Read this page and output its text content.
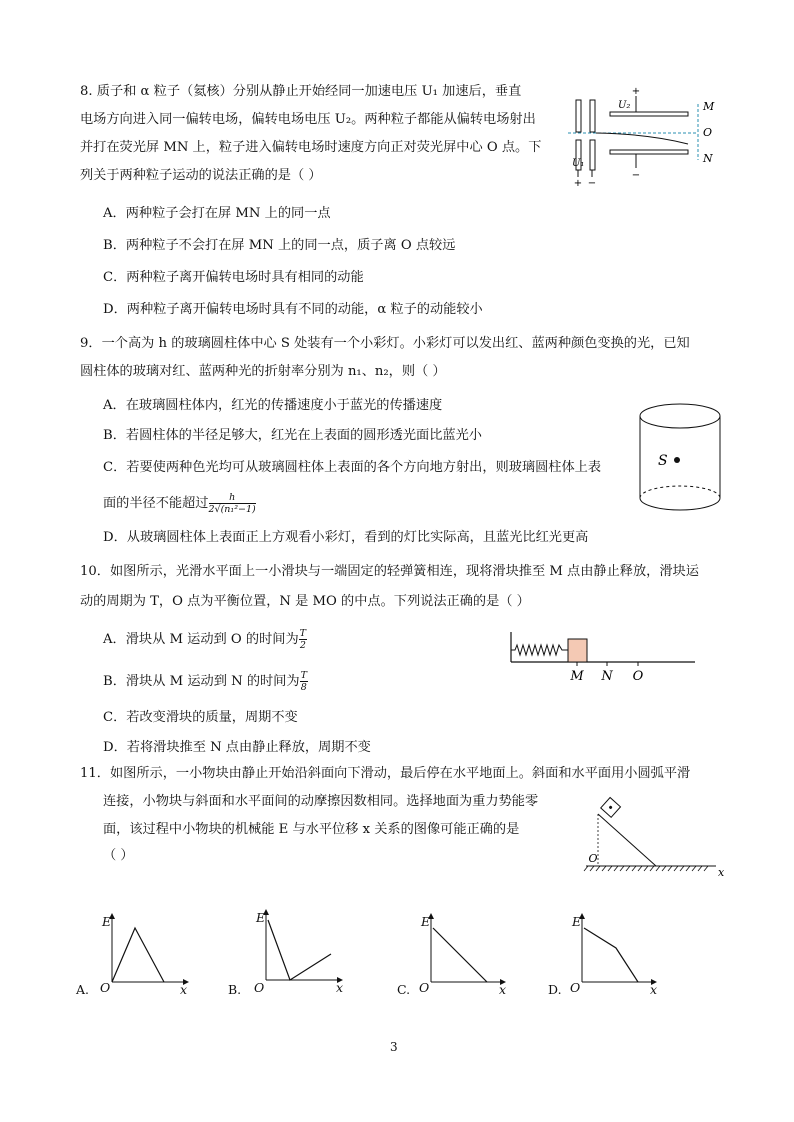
8. 质子和 α 粒子（氦核）分别从静止开始经同一加速电压 U₁ 加速后，垂直
电场方向进入同一偏转电场，偏转电场电压 U₂。两种粒子都能从偏转电场射出
并打在荧光屏 MN 上，粒子进入偏转电场时速度方向正对荧光屏中心 O 点。下
列关于两种粒子运动的说法正确的是（ ）
A．两种粒子会打在屏 MN 上的同一点
B．两种粒子不会打在屏 MN 上的同一点，质子离 O 点较远
C．两种粒子离开偏转电场时具有相同的动能
D．两种粒子离开偏转电场时具有不同的动能，α 粒子的动能较小
+ −
U₁
+
−
U₂	M
O
N
9．一个高为 h 的玻璃圆柱体中心 S 处装有一个小彩灯。小彩灯可以发出红、蓝两种颜色变换的光，已知
圆柱体的玻璃对红、蓝两种光的折射率分别为 n₁、n₂，则（ ）
A．在玻璃圆柱体内，红光的传播速度小于蓝光的传播速度
B．若圆柱体的半径足够大，红光在上表面的圆形透光面比蓝光小
C．若要使两种色光均可从玻璃圆柱体上表面的各个方向地方射出，则玻璃圆柱体上表
面的半径不能超过 $\frac{h}{\text{2√(n₁²−1)}}$
D．从玻璃圆柱体上表面正上方观看小彩灯，看到的灯比实际高，且蓝光比红光更高
S
10．如图所示，光滑水平面上一小滑块与一端固定的轻弹簧相连，现将滑块推至 M 点由静止释放，滑块运
动的周期为 T，O 点为平衡位置，N 是 MO 的中点。下列说法正确的是（ ）
A．滑块从 M 运动到 O 的时间为 $\frac{T}{2}$
B．滑块从 M 运动到 N 的时间为 $\frac{T}{8}$
C．若改变滑块的质量，周期不变
D．若将滑块推至 N 点由静止释放，周期不变
M N O
11．如图所示，一小物块由静止开始沿斜面向下滑动，最后停在水平地面上。斜面和水平面用小圆弧平滑
连接，小物块与斜面和水平面间的动摩擦因数相同。选择地面为重力势能零
面，该过程中小物块的机械能 E 与水平位移 x 关系的图像可能正确的是
（ ）	O
x
A.
E
O	x	B.
E
O	x	C.
E
O	x	D.
E
O	x
3
